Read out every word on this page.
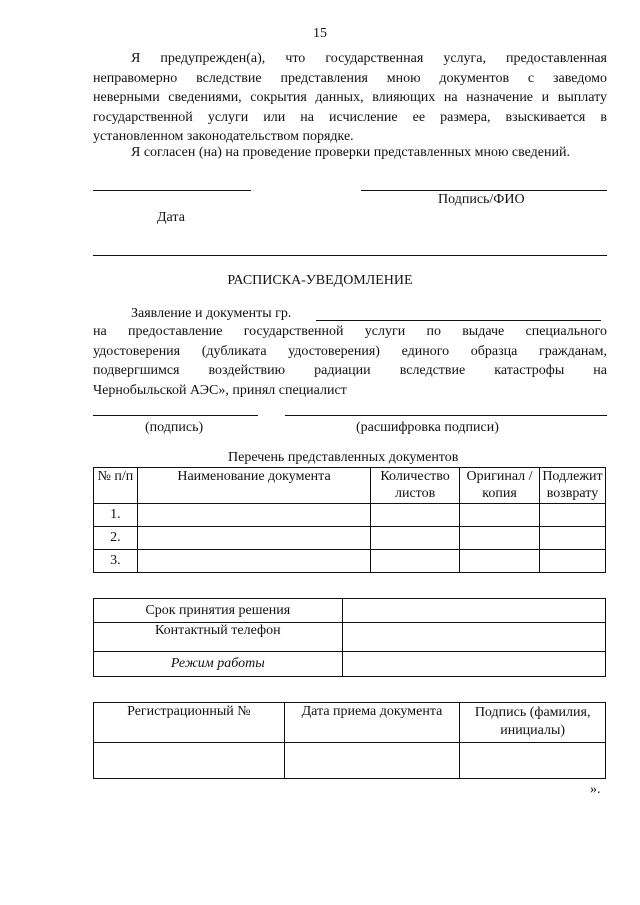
15
Я предупрежден(а), что государственная услуга, предоставленная
неправомерно вследствие представления мною документов с заведомо
неверными сведениями, сокрытия данных, влияющих на назначение и выплату
государственной услуги или на исчисление ее размера, взыскивается в
установленном законодательством порядке.
Я согласен (на) на проведение проверки представленных мною сведений.
Подпись/ФИО
Дата
РАСПИСКА-УВЕДОМЛЕНИЕ
Заявление и документы гр.
на предоставление государственной услуги по выдаче специального
удостоверения (дубликата удостоверения) единого образца гражданам,
подвергшимся воздействию радиации вследствие катастрофы на
Чернобыльской АЭС», принял специалист
(подпись)	(расшифровка подписи)
Перечень представленных документов
№ п/п	Наименование документа	Количество листов	Оригинал /копия	Подлежит возврату
1.				
2.				
3.				
Срок принятия решения	
Контактный телефон	
Режим работы	
Регистрационный №	Дата приема документа	Подпись (фамилия, инициалы)

».
